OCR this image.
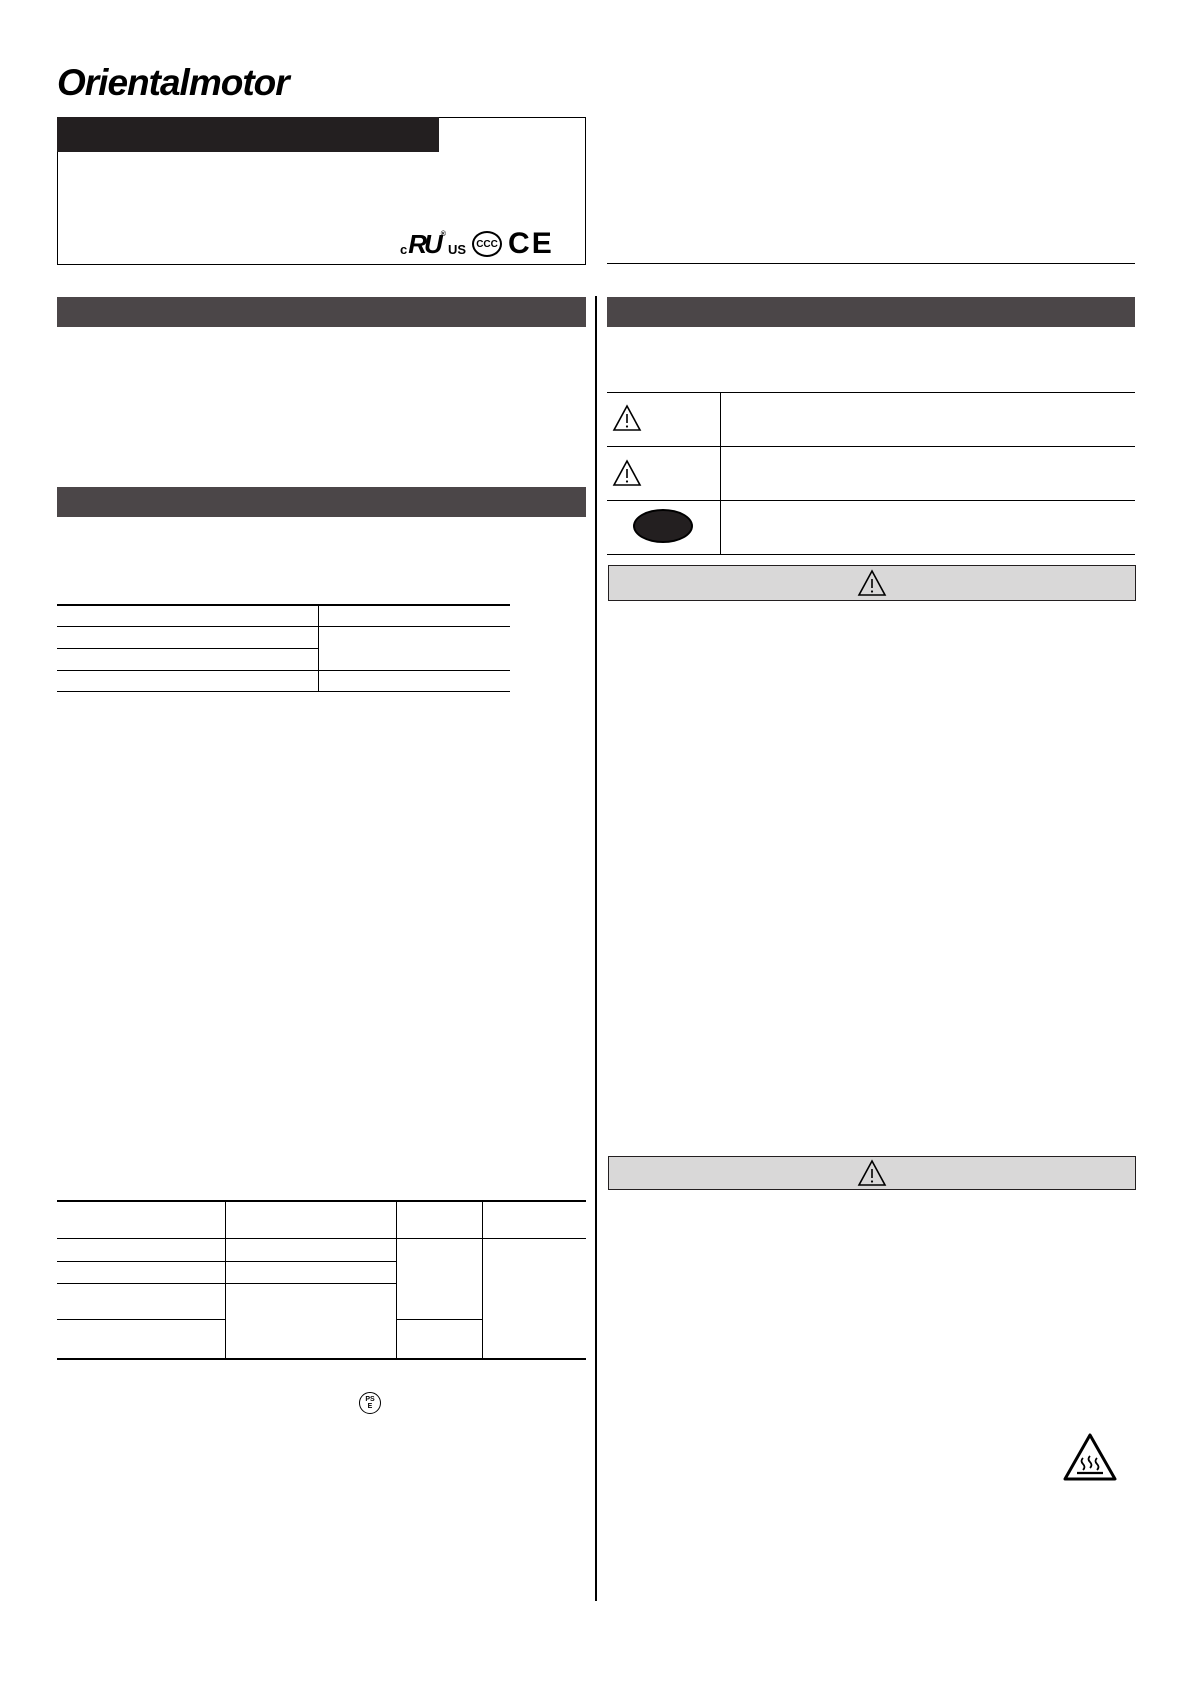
Orientalmotor
c RU ®
US	CCC CE
PS
E
